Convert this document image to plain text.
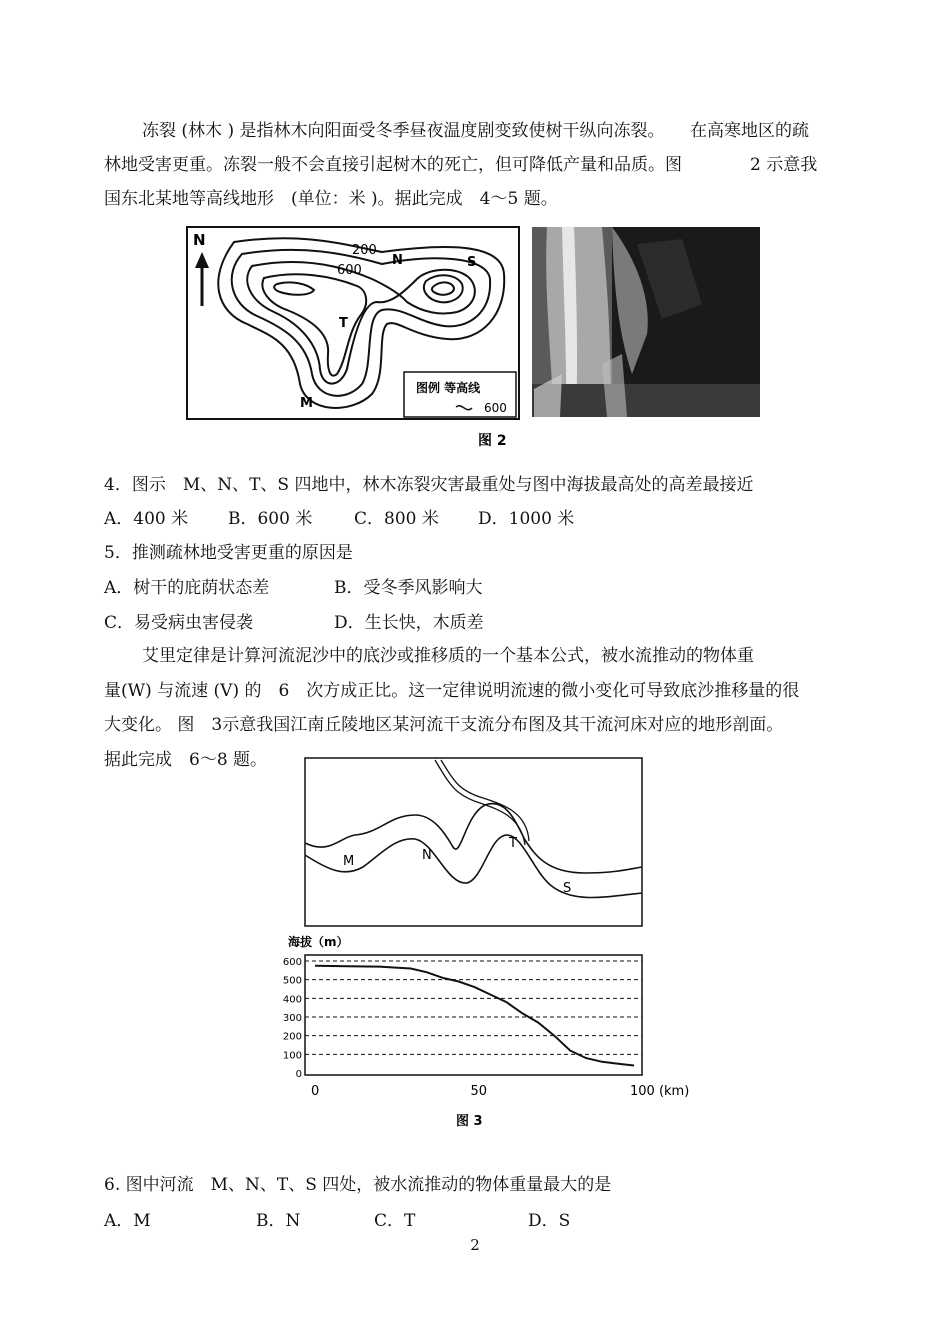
冻裂 (林木 ) 是指林木向阳面受冬季昼夜温度剧变致使树干纵向冻裂。　　在高寒地区的疏
林地受害更重。冻裂一般不会直接引起树木的死亡，但可降低产量和品质。图　　　　2 示意我
国东北某地等高线地形　(单位：米 )。据此完成　4～5 题。
N
200
600
N	S
T
M
图例 等高线
600
图 2
4．图示　M、N、T、S 四地中，林木冻裂灾害最重处与图中海拔最高处的高差最接近
A．400 米 B．600 米 C．800 米 D．1000 米
5．推测疏林地受害更重的原因是
A．树干的庇荫状态差	B．受冬季风影响大
C．易受病虫害侵袭	D．生长快，木质差
艾里定律是计算河流泥沙中的底沙或推移质的一个基本公式，被水流推动的物体重
量(W) 与流速 (V) 的　6　次方成正比。这一定律说明流速的微小变化可导致底沙推移量的很
大变化。 图　3示意我国江南丘陵地区某河流干支流分布图及其干流河床对应的地形剖面。
据此完成　6～8 题。
M	N
T
S
海拔（m）
600
500
400
300
200
100
0
0	50	100 (km)
图 3
6. 图中河流　M、N、T、S 四处，被水流推动的物体重量最大的是
A．M	B．N	C．T	D．S
2
